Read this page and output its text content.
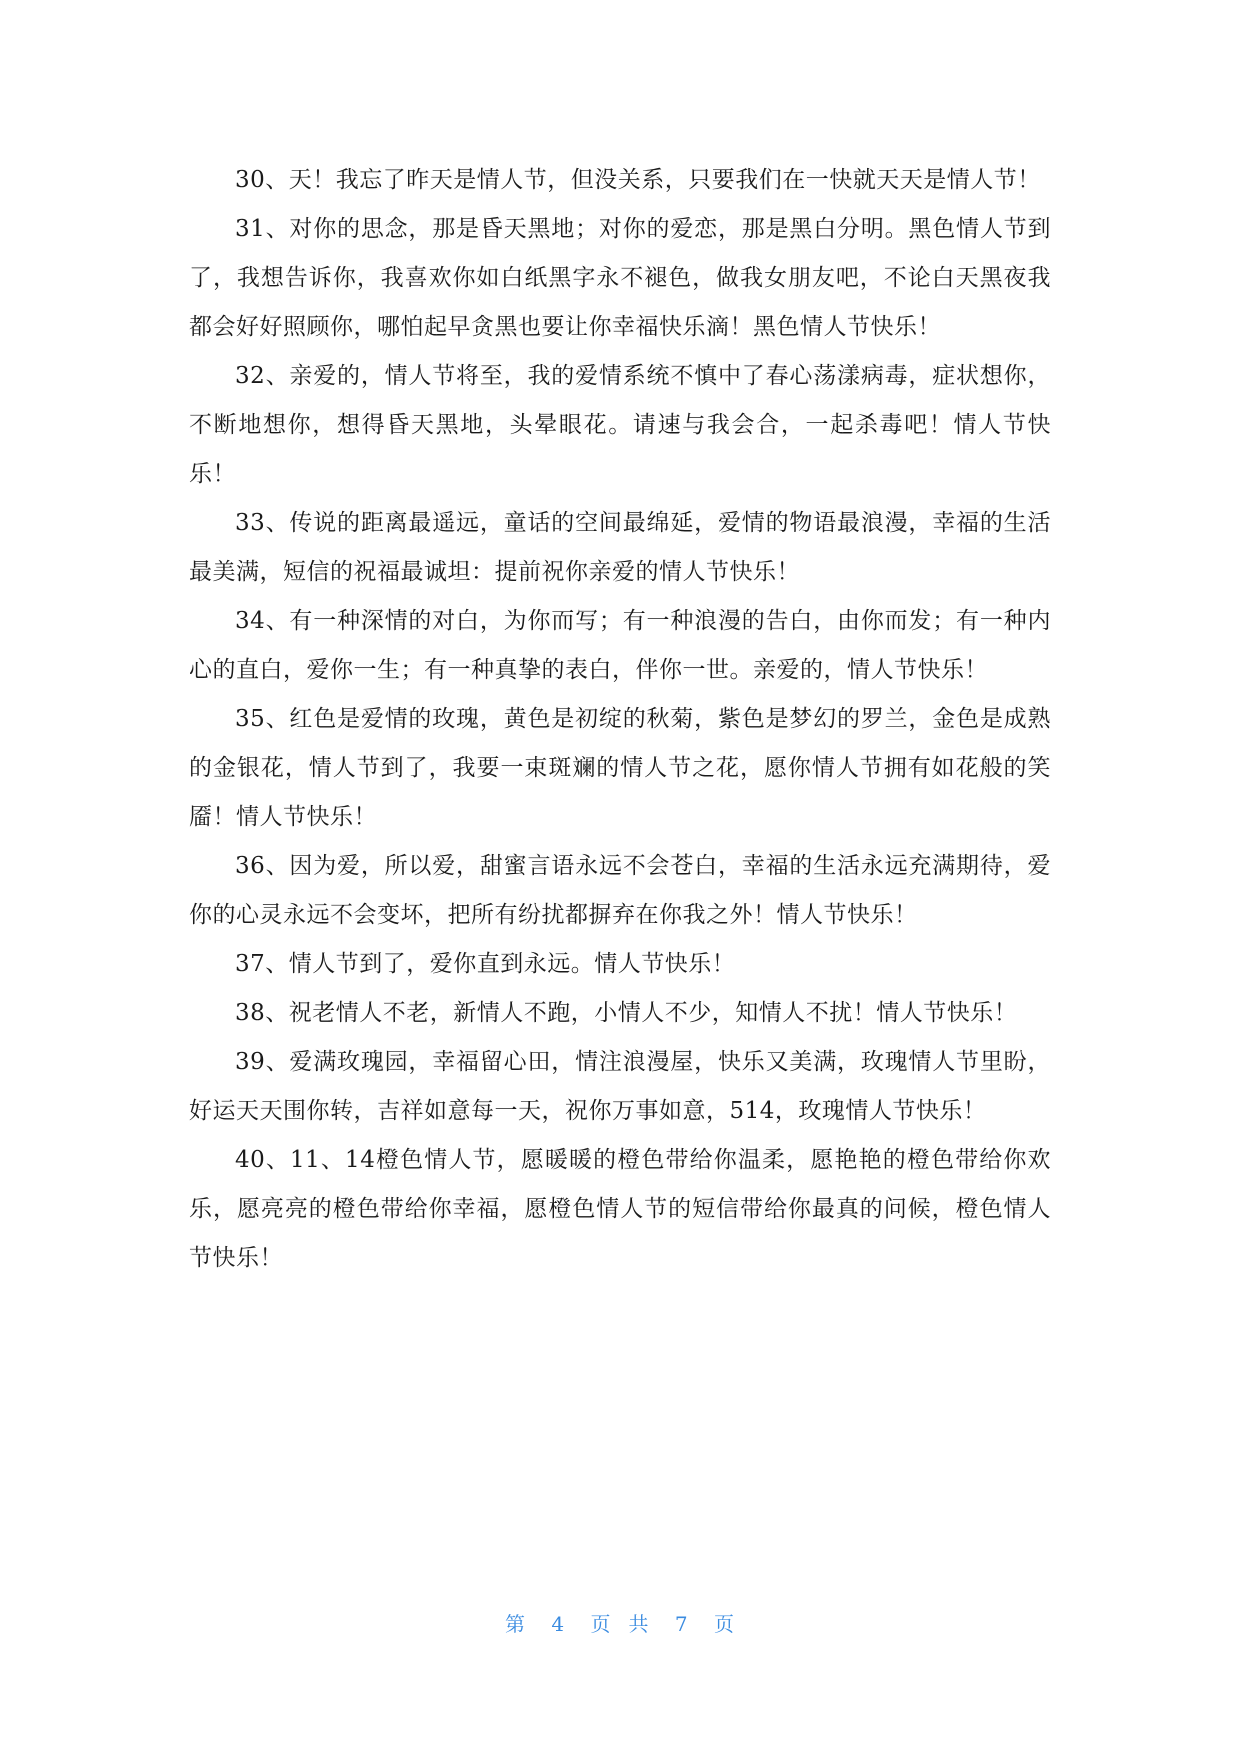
30、天！我忘了昨天是情人节，但没关系，只要我们在一快就天天是情人节！

31、对你的思念，那是昏天黑地；对你的爱恋，那是黑白分明。黑色情人节到了，我想告诉你，我喜欢你如白纸黑字永不褪色，做我女朋友吧，不论白天黑夜我都会好好照顾你，哪怕起早贪黑也要让你幸福快乐滴！黑色情人节快乐！

32、亲爱的，情人节将至，我的爱情系统不慎中了春心荡漾病毒，症状想你，不断地想你，想得昏天黑地，头晕眼花。请速与我会合，一起杀毒吧！情人节快乐！

33、传说的距离最遥远，童话的空间最绵延，爱情的物语最浪漫，幸福的生活最美满，短信的祝福最诚坦：提前祝你亲爱的情人节快乐！

34、有一种深情的对白，为你而写；有一种浪漫的告白，由你而发；有一种内心的直白，爱你一生；有一种真挚的表白，伴你一世。亲爱的，情人节快乐！

35、红色是爱情的玫瑰，黄色是初绽的秋菊，紫色是梦幻的罗兰，金色是成熟的金银花，情人节到了，我要一束斑斓的情人节之花，愿你情人节拥有如花般的笑靥！情人节快乐！

36、因为爱，所以爱，甜蜜言语永远不会苍白，幸福的生活永远充满期待，爱你的心灵永远不会变坏，把所有纷扰都摒弃在你我之外！情人节快乐！

37、情人节到了，爱你直到永远。情人节快乐！

38、祝老情人不老，新情人不跑，小情人不少，知情人不扰！情人节快乐！

39、爱满玫瑰园，幸福留心田，情注浪漫屋，快乐又美满，玫瑰情人节里盼，好运天天围你转，吉祥如意每一天，祝你万事如意，514，玫瑰情人节快乐！

40、11、14橙色情人节，愿暖暖的橙色带给你温柔，愿艳艳的橙色带给你欢乐，愿亮亮的橙色带给你幸福，愿橙色情人节的短信带给你最真的问候，橙色情人节快乐！

第 4 页 共 7 页
